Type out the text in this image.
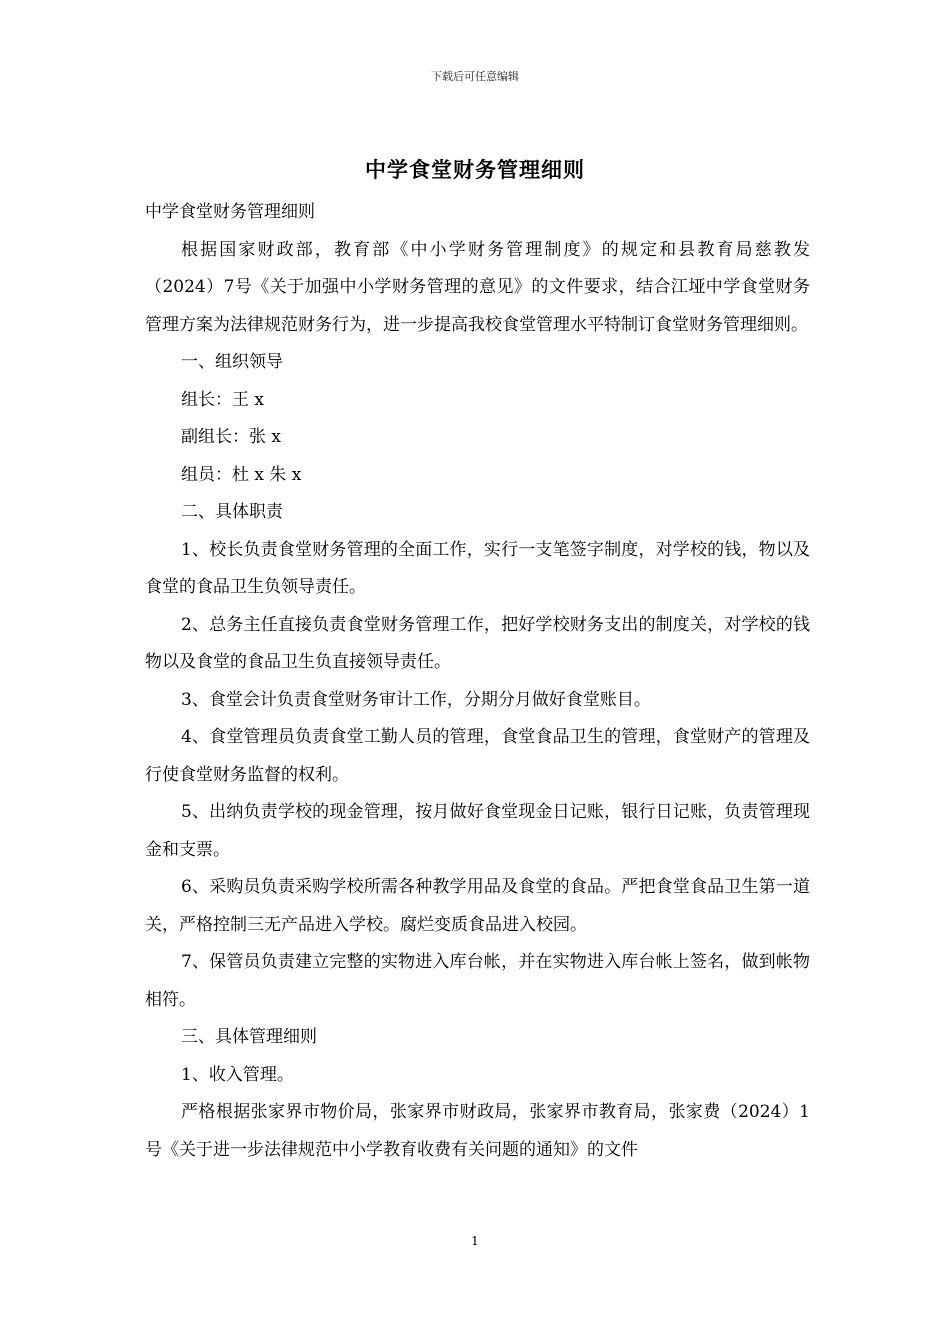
下载后可任意编辑
中学食堂财务管理细则

中学食堂财务管理细则

根据国家财政部，教育部《中小学财务管理制度》的规定和县教育局慈教发（2024）7号《关于加强中小学财务管理的意见》的文件要求，结合江垭中学食堂财务管理方案为法律规范财务行为，进一步提高我校食堂管理水平特制订食堂财务管理细则。

一、组织领导

组长：王 x

副组长：张 x

组员：杜 x 朱 x

二、具体职责

1、校长负责食堂财务管理的全面工作，实行一支笔签字制度，对学校的钱，物以及食堂的食品卫生负领导责任。

2、总务主任直接负责食堂财务管理工作，把好学校财务支出的制度关，对学校的钱物以及食堂的食品卫生负直接领导责任。

3、食堂会计负责食堂财务审计工作，分期分月做好食堂账目。

4、食堂管理员负责食堂工勤人员的管理，食堂食品卫生的管理，食堂财产的管理及行使食堂财务监督的权利。

5、出纳负责学校的现金管理，按月做好食堂现金日记账，银行日记账，负责管理现金和支票。

6、采购员负责采购学校所需各种教学用品及食堂的食品。严把食堂食品卫生第一道关，严格控制三无产品进入学校。腐烂变质食品进入校园。

7、保管员负责建立完整的实物进入库台帐，并在实物进入库台帐上签名，做到帐物相符。

三、具体管理细则

1、收入管理。

严格根据张家界市物价局，张家界市财政局，张家界市教育局，张家费（2024）1号《关于进一步法律规范中小学教育收费有关问题的通知》的文件

1
